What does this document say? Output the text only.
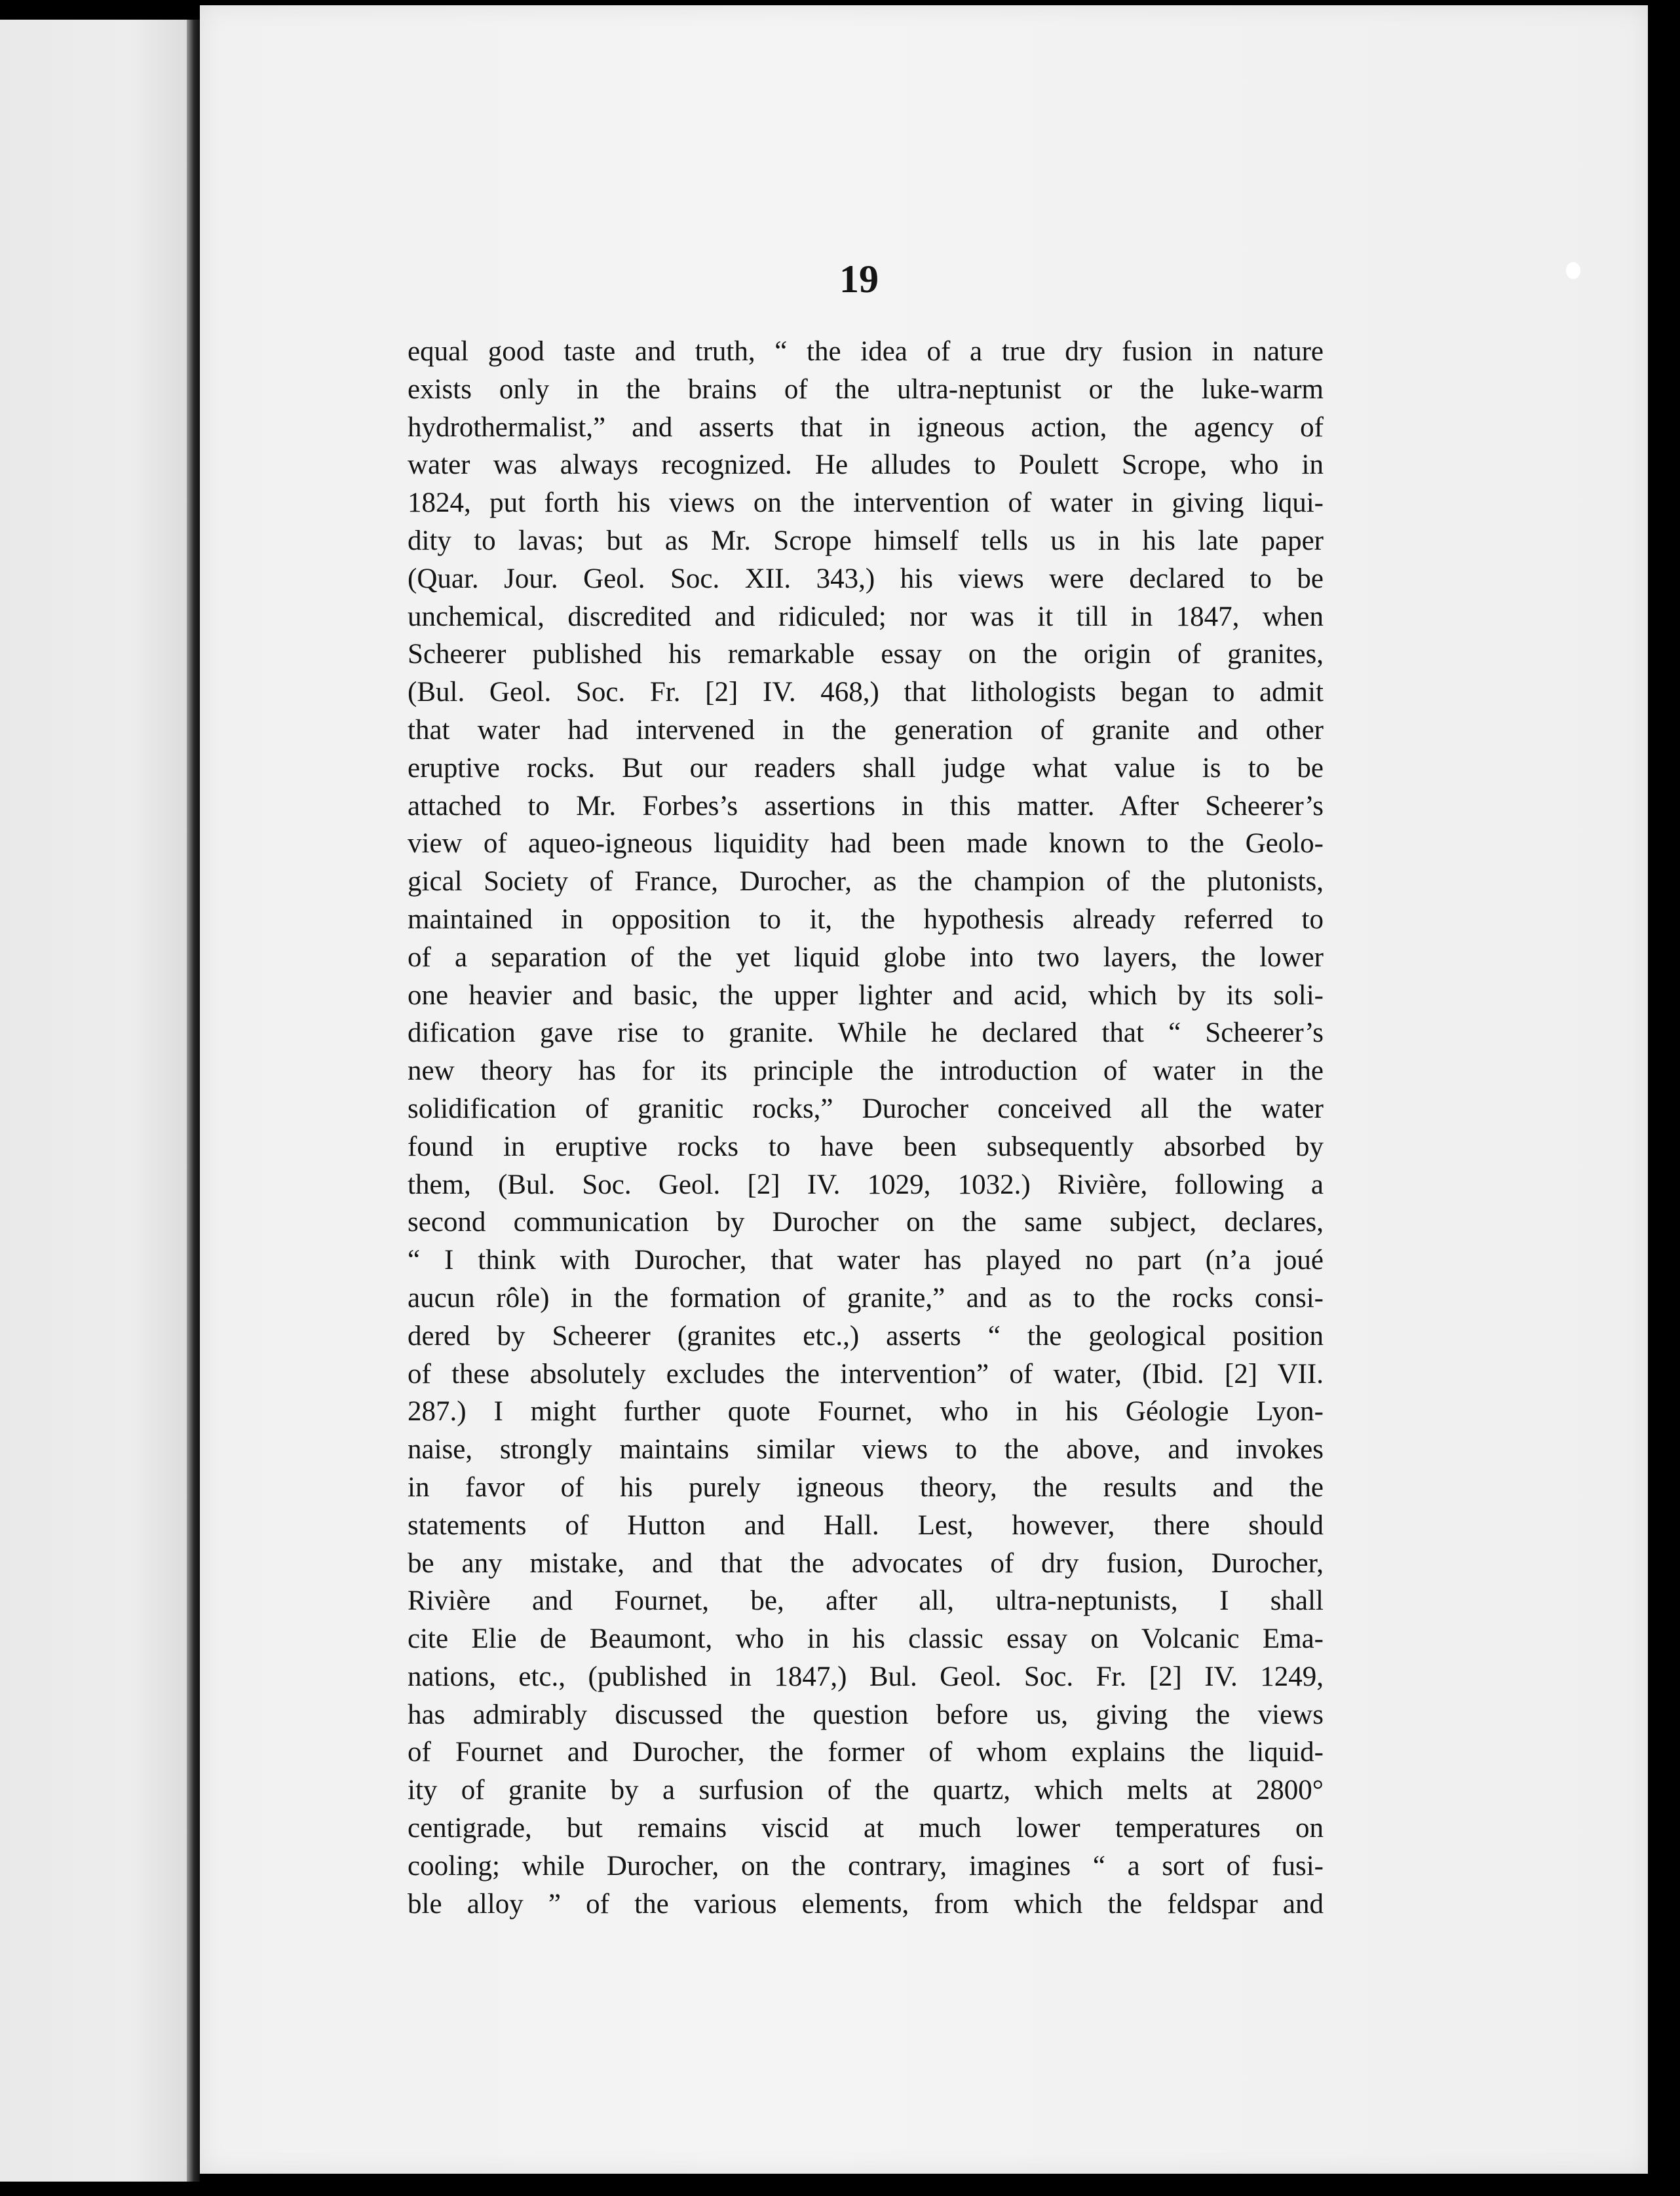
19
equal good taste and truth, “ the idea of a true dry fusion in nature
exists only in the brains of the ultra-neptunist or the luke-warm
hydrothermalist,” and asserts that in igneous action, the agency of
water was always recognized. He alludes to Poulett Scrope, who in
1824, put forth his views on the intervention of water in giving liqui-
dity to lavas; but as Mr. Scrope himself tells us in his late paper
(Quar. Jour. Geol. Soc. XII. 343,) his views were declared to be
unchemical, discredited and ridiculed; nor was it till in 1847, when
Scheerer published his remarkable essay on the origin of granites,
(Bul. Geol. Soc. Fr. [2] IV. 468,) that lithologists began to admit
that water had intervened in the generation of granite and other
eruptive rocks. But our readers shall judge what value is to be
attached to Mr. Forbes’s assertions in this matter. After Scheerer’s
view of aqueo-igneous liquidity had been made known to the Geolo-
gical Society of France, Durocher, as the champion of the plutonists,
maintained in opposition to it, the hypothesis already referred to
of a separation of the yet liquid globe into two layers, the lower
one heavier and basic, the upper lighter and acid, which by its soli-
dification gave rise to granite. While he declared that “ Scheerer’s
new theory has for its principle the introduction of water in the
solidification of granitic rocks,” Durocher conceived all the water
found in eruptive rocks to have been subsequently absorbed by
them, (Bul. Soc. Geol. [2] IV. 1029, 1032.) Rivière, following a
second communication by Durocher on the same subject, declares,
“ I think with Durocher, that water has played no part (n’a joué
aucun rôle) in the formation of granite,” and as to the rocks consi-
dered by Scheerer (granites etc.,) asserts “ the geological position
of these absolutely excludes the intervention” of water, (Ibid. [2] VII.
287.) I might further quote Fournet, who in his Géologie Lyon-
naise, strongly maintains similar views to the above, and invokes
in favor of his purely igneous theory, the results and the
statements of Hutton and Hall. Lest, however, there should
be any mistake, and that the advocates of dry fusion, Durocher,
Rivière and Fournet, be, after all, ultra-neptunists, I shall
cite Elie de Beaumont, who in his classic essay on Volcanic Ema-
nations, etc., (published in 1847,) Bul. Geol. Soc. Fr. [2] IV. 1249,
has admirably discussed the question before us, giving the views
of Fournet and Durocher, the former of whom explains the liquid-
ity of granite by a surfusion of the quartz, which melts at 2800°
centigrade, but remains viscid at much lower temperatures on
cooling; while Durocher, on the contrary, imagines “ a sort of fusi-
ble alloy ” of the various elements, from which the feldspar and
